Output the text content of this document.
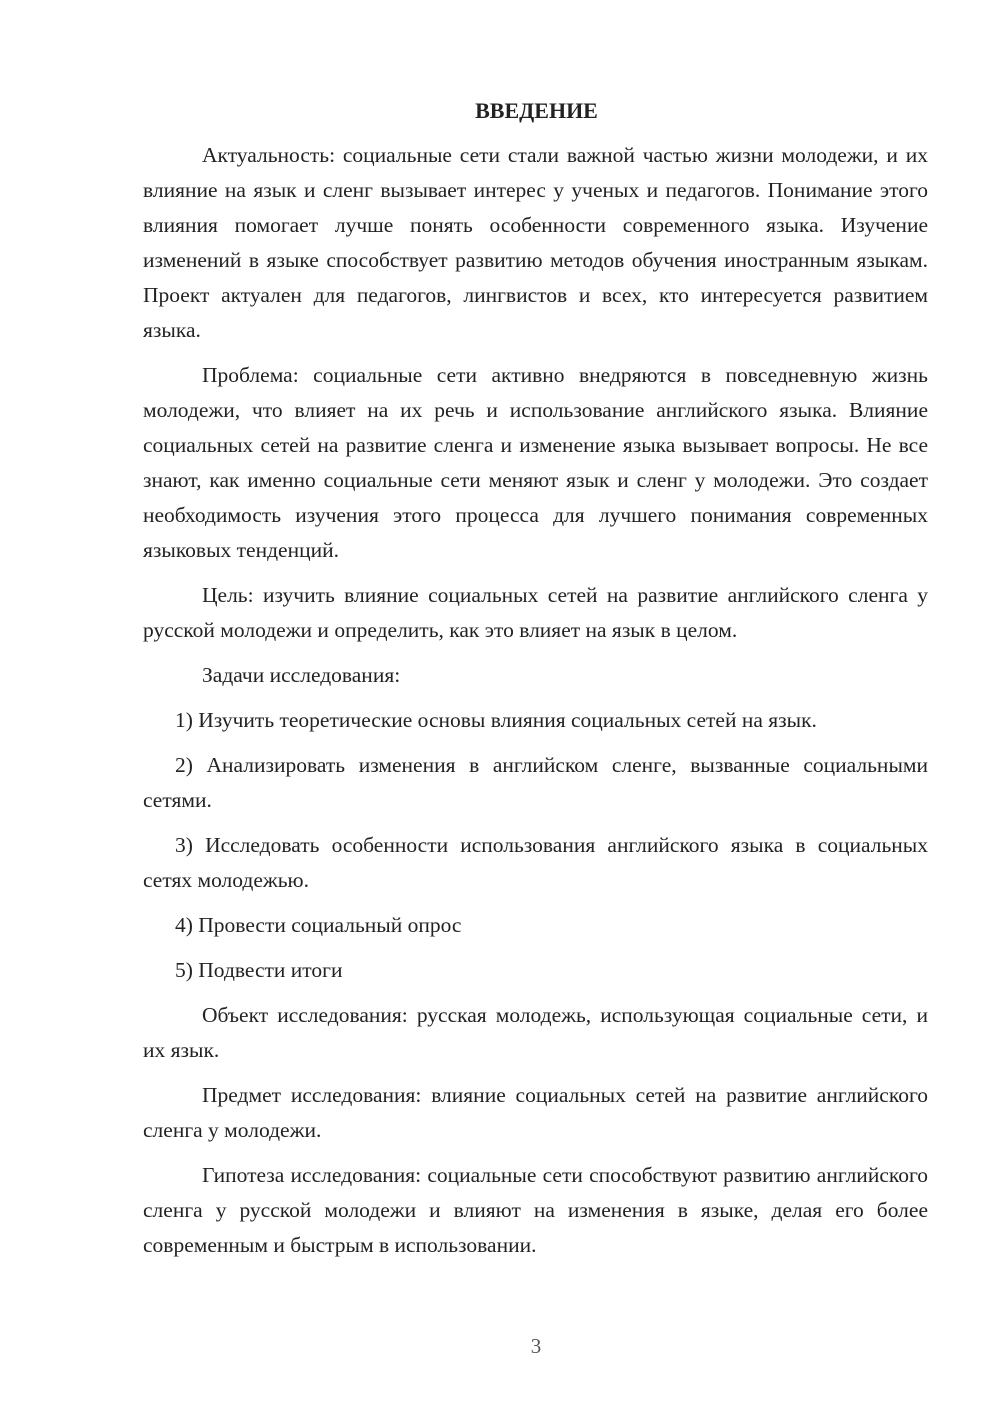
ВВЕДЕНИЕ

Актуальность: социальные сети стали важной частью жизни молодежи, и их влияние на язык и сленг вызывает интерес у ученых и педагогов. Понимание этого влияния помогает лучше понять особенности современного языка. Изучение изменений в языке способствует развитию методов обучения иностранным языкам. Проект актуален для педагогов, лингвистов и всех, кто интересуется развитием языка.

Проблема: социальные сети активно внедряются в повседневную жизнь молодежи, что влияет на их речь и использование английского языка. Влияние социальных сетей на развитие сленга и изменение языка вызывает вопросы. Не все знают, как именно социальные сети меняют язык и сленг у молодежи. Это создает необходимость изучения этого процесса для лучшего понимания современных языковых тенденций.

Цель: изучить влияние социальных сетей на развитие английского сленга у русской молодежи и определить, как это влияет на язык в целом.

Задачи исследования:

1) Изучить теоретические основы влияния социальных сетей на язык.

2) Анализировать изменения в английском сленге, вызванные социальными сетями.

3) Исследовать особенности использования английского языка в социальных сетях молодежью.

4) Провести социальный опрос

5) Подвести итоги

Объект исследования: русская молодежь, использующая социальные сети, и их язык.

Предмет исследования: влияние социальных сетей на развитие английского сленга у молодежи.

Гипотеза исследования: социальные сети способствуют развитию английского сленга у русской молодежи и влияют на изменения в языке, делая его более современным и быстрым в использовании.

3
